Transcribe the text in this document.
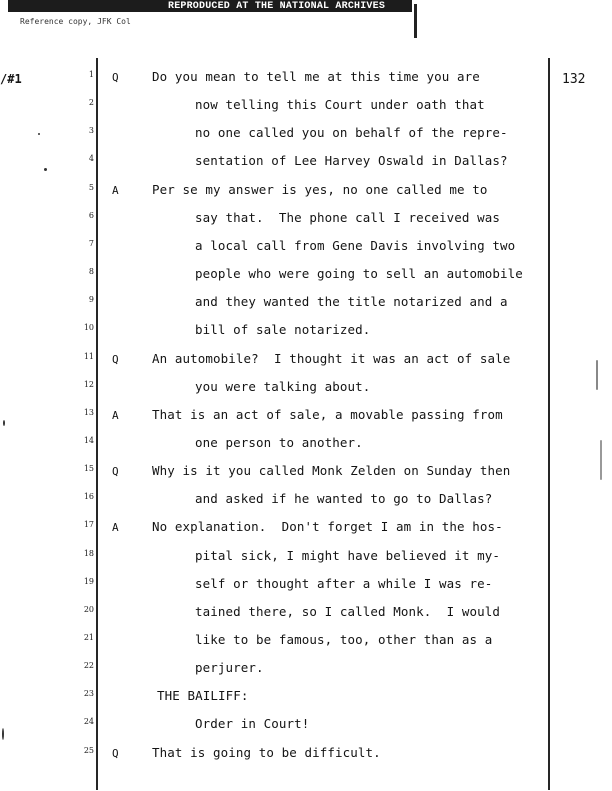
REPRODUCED AT THE NATIONAL ARCHIVES
Reference copy, JFK Col
/#1	132
1 Q	Do you mean to tell me at this time you are
2	now telling this Court under oath that
3	no one called you on behalf of the repre-
4	sentation of Lee Harvey Oswald in Dallas?
5 A	Per se my answer is yes, no one called me to
6	say that.  The phone call I received was
7	a local call from Gene Davis involving two
8	people who were going to sell an automobile
9	and they wanted the title notarized and a
10	bill of sale notarized.
11 Q	An automobile?  I thought it was an act of sale
12	you were talking about.
13 A	That is an act of sale, a movable passing from
14	one person to another.
15 Q	Why is it you called Monk Zelden on Sunday then
16	and asked if he wanted to go to Dallas?
17 A	No explanation.  Don't forget I am in the hos-
18	pital sick, I might have believed it my-
19	self or thought after a while I was re-
20	tained there, so I called Monk.  I would
21	like to be famous, too, other than as a
22	perjurer.
23	THE BAILIFF:
24	Order in Court!
25 Q	That is going to be difficult.
